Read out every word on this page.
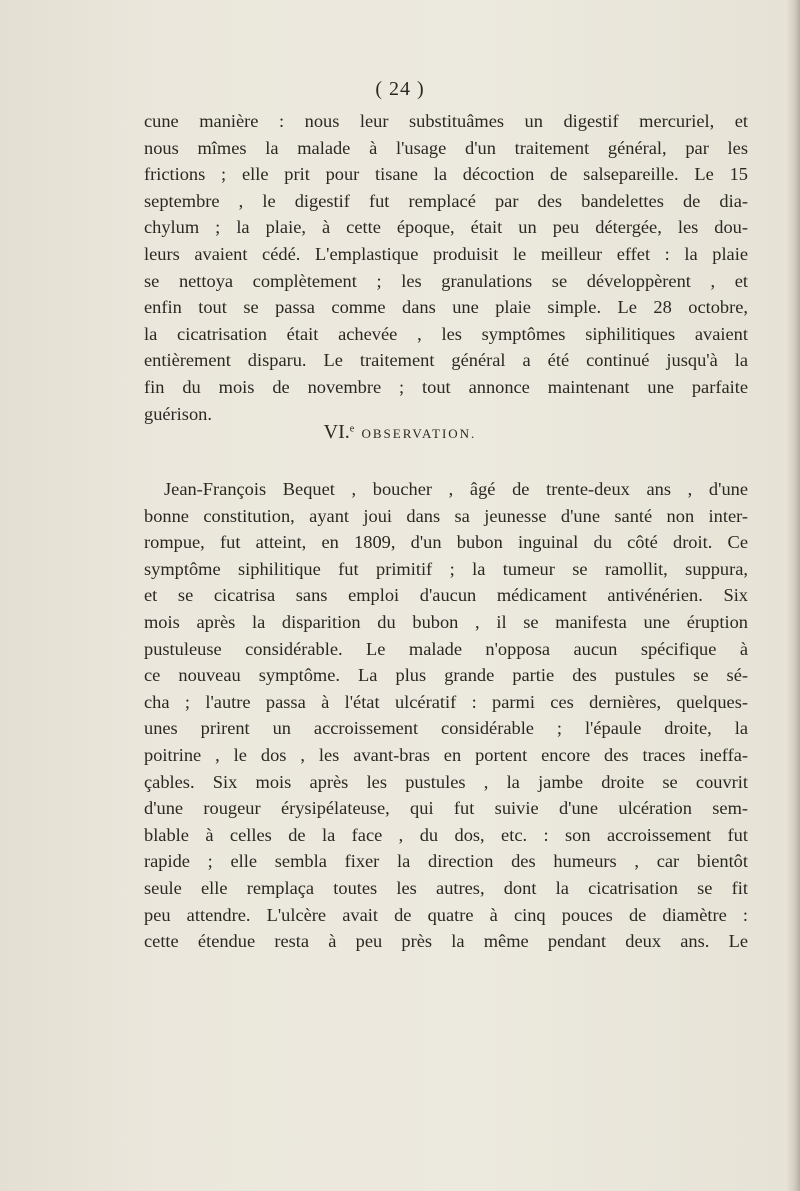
( 24 )
cune manière : nous leur substituâmes un digestif mercuriel, et
nous mîmes la malade à l'usage d'un traitement général, par les
frictions ; elle prit pour tisane la décoction de salsepareille. Le 15
septembre , le digestif fut remplacé par des bandelettes de dia-
chylum ; la plaie, à cette époque, était un peu détergée, les dou-
leurs avaient cédé. L'emplastique produisit le meilleur effet : la plaie
se nettoya complètement ; les granulations se développèrent , et
enfin tout se passa comme dans une plaie simple. Le 28 octobre,
la cicatrisation était achevée , les symptômes siphilitiques avaient
entièrement disparu. Le traitement général a été continué jusqu'à la
fin du mois de novembre ; tout annonce maintenant une parfaite
guérison.
VI.$^e$ OBSERVATION.
Jean-François Bequet , boucher , âgé de trente-deux ans , d'une
bonne constitution, ayant joui dans sa jeunesse d'une santé non inter-
rompue, fut atteint, en 1809, d'un bubon inguinal du côté droit. Ce
symptôme siphilitique fut primitif ; la tumeur se ramollit, suppura,
et se cicatrisa sans emploi d'aucun médicament antivénérien. Six
mois après la disparition du bubon , il se manifesta une éruption
pustuleuse considérable. Le malade n'opposa aucun spécifique à
ce nouveau symptôme. La plus grande partie des pustules se sé-
cha ; l'autre passa à l'état ulcératif : parmi ces dernières, quelques-
unes prirent un accroissement considérable ; l'épaule droite, la
poitrine , le dos , les avant-bras en portent encore des traces ineffa-
çables. Six mois après les pustules , la jambe droite se couvrit
d'une rougeur érysipélateuse, qui fut suivie d'une ulcération sem-
blable à celles de la face , du dos, etc. : son accroissement fut
rapide ; elle sembla fixer la direction des humeurs , car bientôt
seule elle remplaça toutes les autres, dont la cicatrisation se fit
peu attendre. L'ulcère avait de quatre à cinq pouces de diamètre :
cette étendue resta à peu près la même pendant deux ans. Le
